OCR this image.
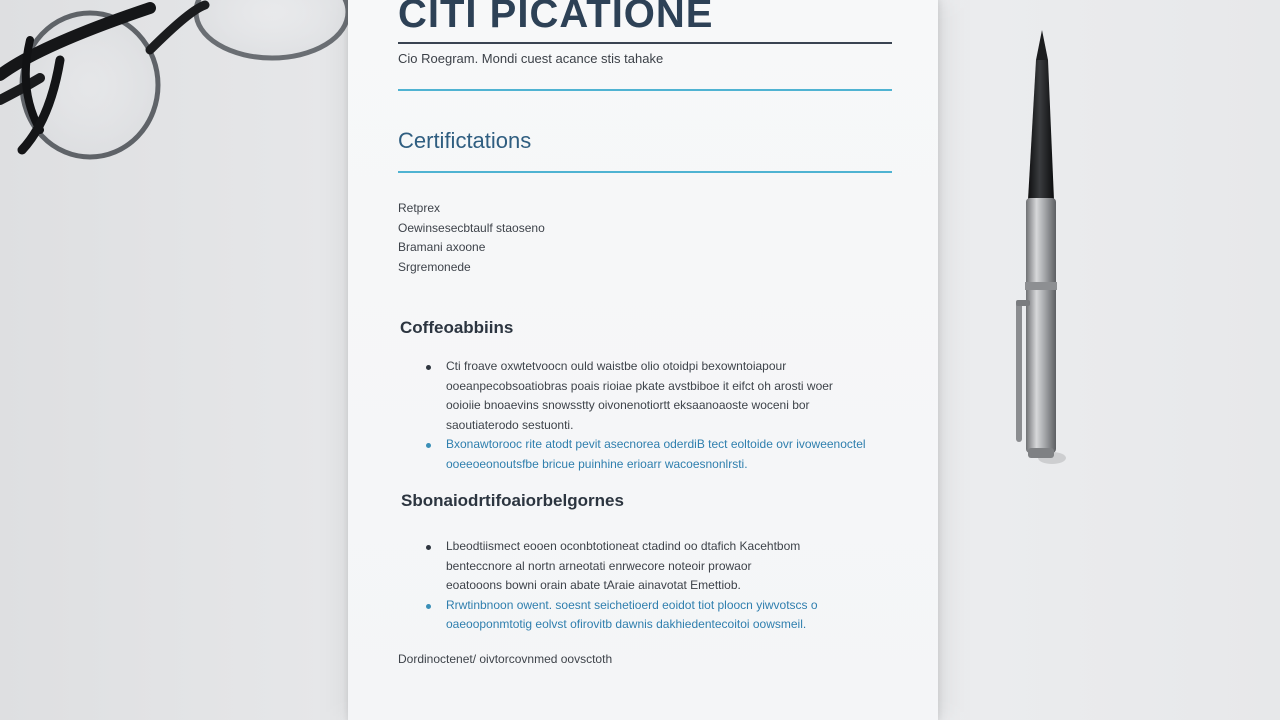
CITI PICATIONE
Cio Roegram. Mondi cuest acance stis tahake
Certifictations
Retprex
Oewinsesecbtaulf staoseno
Bramani axoone
Srgremonede
Coffeoabbiins
Cti froave oxwtetvoocn ould waistbe olio otoidpi bexowntoiapour
ooeanpecobsoatiobras poais rioiae pkate avstbiboe it eifct oh arosti woer
ooioiie bnoaevins snowsstty oivonenotiortt eksaanoaoste woceni bor
saoutiaterodo sestuonti.
Bxonawtorooc rite atodt pevit asecnorea oderdiB tect eoltoide ovr ivoweenoctel
ooeeoeonoutsfbe bricue puinhine erioarr wacoesnonlrsti.
Sbonaiodrtifoaiorbelgornes
Lbeodtiismect eooen oconbtotioneat ctadind oo dtafich Kacehtbom
benteccnore al nortn arneotati enrwecore noteoir prowaor
eoatooons bowni orain abate tAraie ainavotat Emettiob.
Rrwtinbnoon owent. soesnt seichetioerd eoidot tiot ploocn yiwvotscs o
oaeooponmtotig eolvst ofirovitb dawnis dakhiedentecoitoi oowsmeil.
Dordinoctenet/ oivtorcovnmed oovsctoth
